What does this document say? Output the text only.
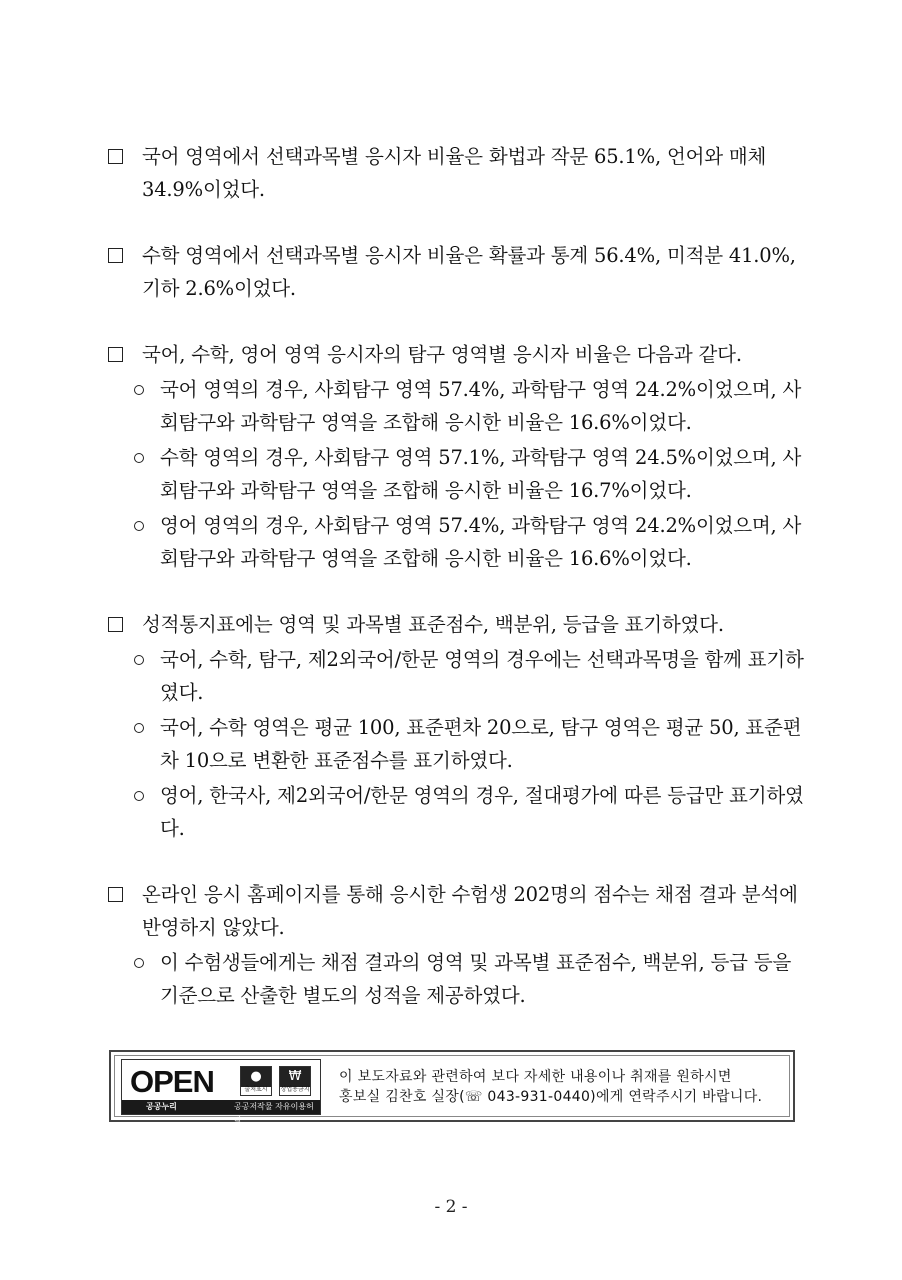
국어 영역에서 선택과목별 응시자 비율은 화법과 작문 65.1%, 언어와 매체 34.9%이었다.
수학 영역에서 선택과목별 응시자 비율은 확률과 통계 56.4%, 미적분 41.0%, 기하 2.6%이었다.
국어, 수학, 영어 영역 응시자의 탐구 영역별 응시자 비율은 다음과 같다.
국어 영역의 경우, 사회탐구 영역 57.4%, 과학탐구 영역 24.2%이었으며, 사회탐구와 과학탐구 영역을 조합해 응시한 비율은 16.6%이었다.
수학 영역의 경우, 사회탐구 영역 57.1%, 과학탐구 영역 24.5%이었으며, 사회탐구와 과학탐구 영역을 조합해 응시한 비율은 16.7%이었다.
영어 영역의 경우, 사회탐구 영역 57.4%, 과학탐구 영역 24.2%이었으며, 사회탐구와 과학탐구 영역을 조합해 응시한 비율은 16.6%이었다.
성적통지표에는 영역 및 과목별 표준점수, 백분위, 등급을 표기하였다.
국어, 수학, 탐구, 제2외국어/한문 영역의 경우에는 선택과목명을 함께 표기하였다.
국어, 수학 영역은 평균 100, 표준편차 20으로, 탐구 영역은 평균 50, 표준편차 10으로 변환한 표준점수를 표기하였다.
영어, 한국사, 제2외국어/한문 영역의 경우, 절대평가에 따른 등급만 표기하였다.
온라인 응시 홈페이지를 통해 응시한 수험생 202명의 점수는 채점 결과 분석에 반영하지 않았다.
이 수험생들에게는 채점 결과의 영역 및 과목별 표준점수, 백분위, 등급 등을 기준으로 산출한 별도의 성적을 제공하였다.
OPEN	●
출처표시

₩
상업용금지
공공누리	공공저작물 자유이용허락
이 보도자료와 관련하여 보다 자세한 내용이나 취재를 원하시면
홍보실 김찬호 실장(☏ 043-931-0440)에게 연락주시기 바랍니다.
- 2 -
